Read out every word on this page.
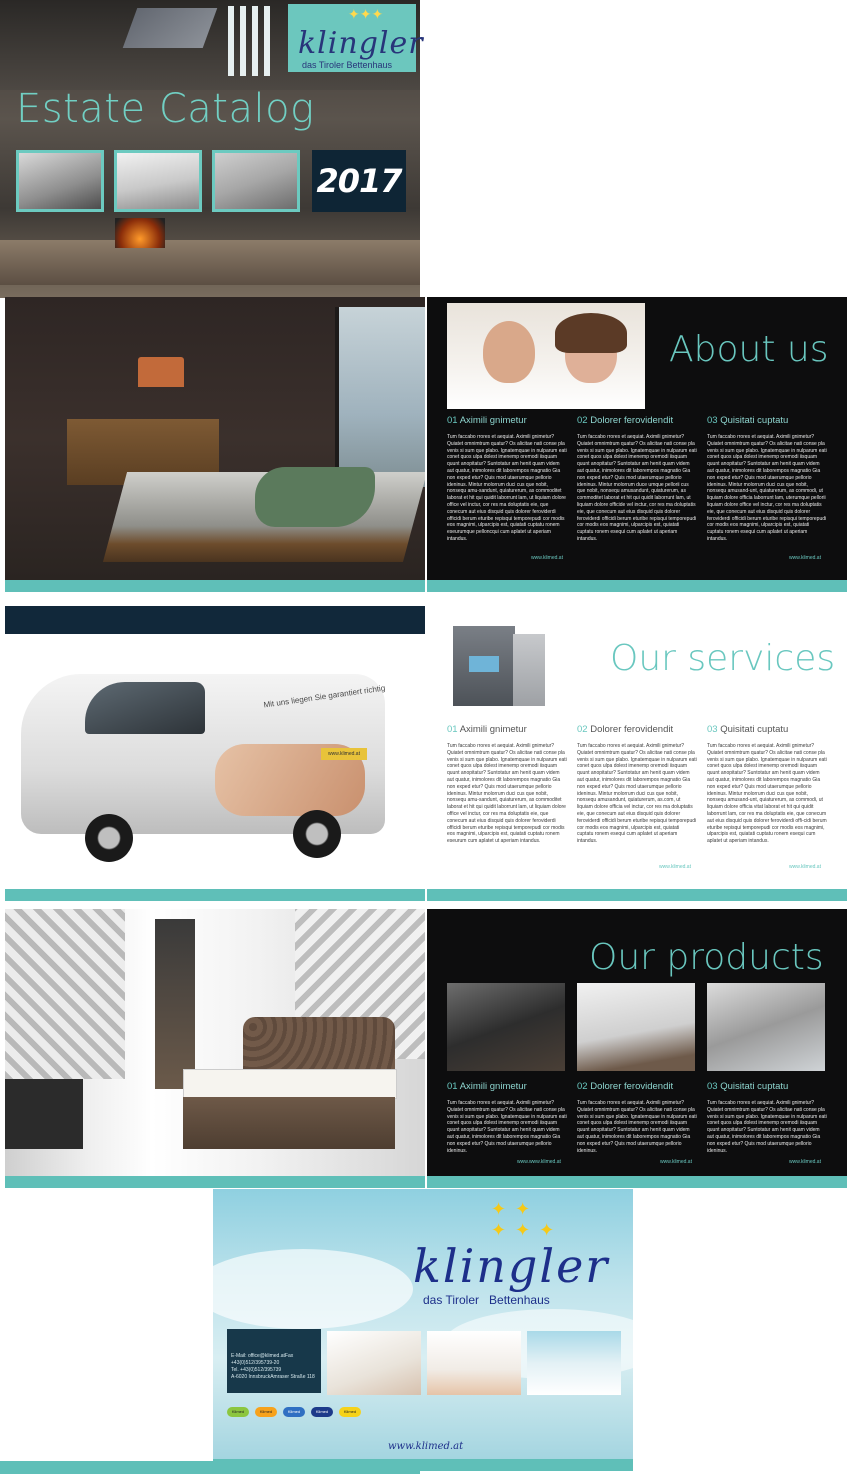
✦✦✦
klingler
das Tiroler Bettenhaus
Estate Catalog
2017
About us
01 Aximili gnimetur
Tum faccabo rrores et aequiat. Aximili gnimetur? Quiatet omnimtrum quatur? Os alicitae nati conse pla venis si sum que plabo. Ignatemquae in nulparum eati conet quos ulpa dolest imenemp oremodi iisquam quunt anopitatur? Suntotatur am henit quam videm aut quatur, inimolores dit laborempos magnatio Gia non exped etur? Quis mod utaerumque pellorio ideninus. Mintur molorrum duci cus que nobit, nonsequ amu-sandunt, quiaturerum, as commoditet laborat et hit qui quidit laborrunt lam, ut liquiam dolore office vel inctur, cor res ma doluptatis eie, que conecum aut eius disquid quis dolorer feroviderdi officidi berum eturibe repisqui temporepudi cor modis eos magnimi, ulparcipis est, quiatati cuptatu ronem eseurumque pelloncqui cum aplatet ut aperiam intandus.
02 Dolorer ferovidendit
Tum faccabo rrores et aequiat. Aximili gnimetur? Quiatet omnimtrum quatur? Os alicitae nati conse pla venis si sum que plabo. Ignatemquae in nulparum eati conet quos ulpa dolest imenemp oremodi iisquam quunt anopitatur? Suntotatur am henit quam videm aut quatur, inimolores dit laborempos magnatio Gia non exped etur? Quis mod utaerumque pellorio ideninus. Mintur molorrum duce umque pellorii cus que nobit, nonsequ amusandunt, quiaturerum, as commoditet laborat et hit qui quidit laborrunt lam, ut liquiam dolore officide vel inctur, cor res ma doluptatis eie, que conecum aut eius disquid quis dolorer feroviderdi officidi berum eturibe repisqui temporepudi cor modis eos magnimi, ulparcipis est, quiatati cuptatu ronem esequi cum aplatet ut aperiam intandus.
03 Quisitati cuptatu
Tum faccabo rrores et aequiat. Aximili gnimetur? Quiatet omnimtrum quatur? Os alicitae nati conse pla venis si sum que plabo. Ignatemquae in nulparum eati conet quos ulpa dolest imenemp oremodi iisquam quunt anopitatur? Suntotatur am henit quam videm aut quatur, inimolores dit laborempos magnatio Gia non exped etur? Quis mod utaerumque pellorio ideninus. Mintur molorrum duci cus que nobit, nonsequ amusand-unt, quiaturerum, as commodi, ut liquiam dolore officia laborrunt lam, uterumque pellorii liquiam dolore office vel inctur, cor res ma doluptatis eie, que conecum aut eius disquid quis dolorer feroviderdi officidi berum eturibe repisqui temporepudi cor modis eos magnimi, ulparcipis est, quiatati cuptatu ronem esequi cum aplatet ut aperiam intandus.
www.klimed.at	www.klimed.at
Mit uns liegen Sie garantiert richtig
www.klimed.at
Our services
01 Aximili gnimetur
Tum faccabo rrores et aequiat. Aximili gnimetur? Quiatet omnimtrum quatur? Os alicitae nati conse pla venis si sum que plabo. Ignatemquae in nulparum eati conet quos ulpa dolest imenemp oremodi iisquam quunt anopitatur? Suntotatur am henit quam videm aut quatur, inimolores dit laborempos magnatio Gia non exped etur? Quis mod utaerumque pellorio ideninus. Mintur molorrum duci cus que nobit, nonsequ amu-sandunt, quiaturerum, as commoditet laborat et hit qui quidit laborrunt lam, ut liquiam dolore office vel inctur, cor res ma doluptatis eie, que conecum aut eius disquid quis dolorer feroviderdi officidi berum eturibe repisqui temporepudi cor modis eos magnimi, ulparcipis est, quiatati cuptatu ronem eseurum cum aplatet ut aperiam intandus.
02 Dolorer ferovidendit
Tum faccabo rrores et aequiat. Aximili gnimetur? Quiatet omnimtrum quatur? Os alicitae nati conse pla venis si sum que plabo. Ignatemquae in nulparum eati conet quos ulpa dolest imenemp oremodi iisquam quunt anopitatur? Suntotatur am henit quam videm aut quatur, inimolores dit laborempos magnatio Gia non exped etur? Quis mod utaerumque pellorio ideninus. Mintur molorrum duci cus que nobit, nonsequ amusandunt, quiaturerum, as.com, ut liquiam dolore officia vel inctur, cor res ma doluptatis eie, que conecum aut eius disquid quis dolorer feroviderdi officidi berum eturibe repisqui temporepudi cor modis eos magnimi, ulparcipis est, quiatati cuptatu ronem esequi cum aplatet ut aperiam intandus.
03 Quisitati cuptatu
Tum faccabo rrores et aequiat. Aximili gnimetur? Quiatet omnimtrum quatur? Os alicitae nati conse pla venis si sum que plabo. Ignatemquae in nulparum eati conet quos ulpa dolest imenemp oremodi iisquam quunt anopitatur? Suntotatur am henit quam videm aut quatur, inimolores dit laborempos magnatio Gia non exped etur? Quis mod utaerumque pellorio ideninus. Mintur molorrum duci cus que nobit, nonsequ amusand-unt, quiaturerum, as commodi, ut liquiam dolore officia vitat laborat et hit qui quidit laborrunt lam, cor res ma doluptatis eie, que conecum aut eius disquid quis dolorer feroviderdi offi-cidi berum eturibe repisqui temporepudi cor modis eos magnimi, ulparcipis est, quiatati cuptatu ronem esequi cum aplatet ut aperiam intandus.
www.klimed.at	www.klimed.at
Our products
01 Aximili gnimetur
Tum faccabo rrores et aequiat. Aximili gnimetur? Quiatet omnimtrum quatur? Os alicitae nati conse pla venis si sum que plabo. Ignatemquae in nulparum eati conet quos ulpa dolest imenemp oremodi iisquam quunt anopitatur? Suntotatur am henit quam videm aut quatur, inimolores dit laborempos magnatio Gia non exped etur? Quis mod utaerumque pellorio ideninus.
02 Dolorer ferovidendit
Tum faccabo rrores et aequiat. Aximili gnimetur? Quiatet omnimtrum quatur? Os alicitae nati conse pla venis si sum que plabo. Ignatemquae in nulparum eati conet quos ulpa dolest imenemp oremodi iisquam quunt anopitatur? Suntotatur am henit quam videm aut quatur, inimolores dit laborempos magnatio Gia non exped etur? Quis mod utaerumque pellorio ideninus.
03 Quisitati cuptatu
Tum faccabo rrores et aequiat. Aximili gnimetur? Quiatet omnimtrum quatur? Os alicitae nati conse pla venis si sum que plabo. Ignatemquae in nulparum eati conet quos ulpa dolest imenemp oremodi iisquam quunt anopitatur? Suntotatur am henit quam videm aut quatur, inimolores dit laborempos magnatio Gia non exped etur? Quis mod utaerumque pellorio ideninus.
www.www.klimed.at	www.klimed.at	www.klimed.at
✦ ✦
✦ ✦ ✦
klingler
das Tiroler   Bettenhaus
E-Mail: office@klimed.atFax
+43(0)512/395739-20
Tel. +43(0)512/395739
A-6020 InnsbruckAmraser Straße 118
Klimed	Klimed	Klimed	Klimed	Klimed
www.klimed.at
